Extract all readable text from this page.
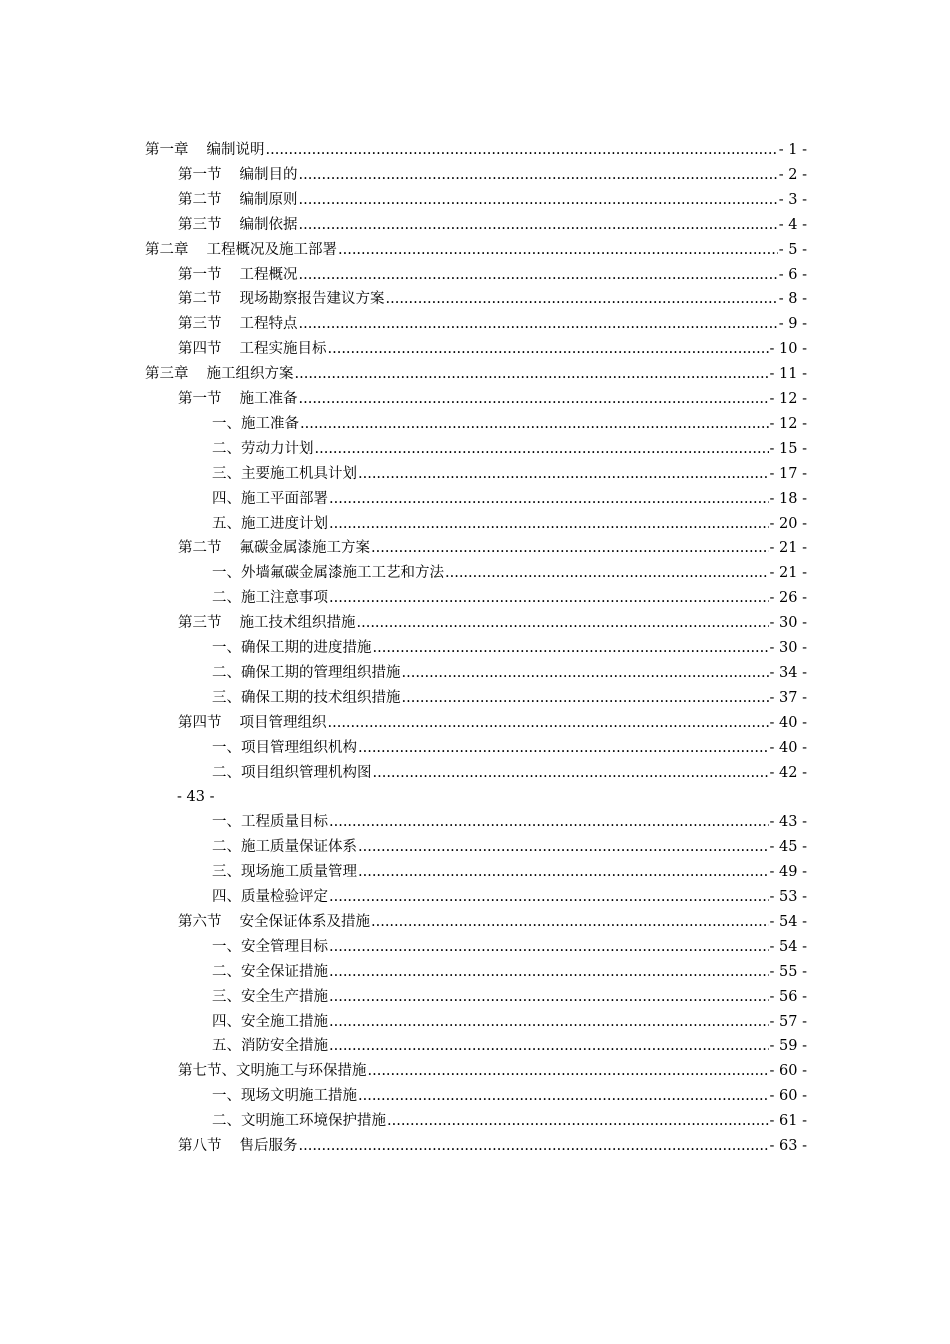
第一章 编制说明 .....	- 1 -
第一节 编制目的 .....	- 2 -
第二节 编制原则 .....	- 3 -
第三节 编制依据 .....	- 4 -
第二章 工程概况及施工部署 .....	- 5 -
第一节 工程概况 .....	- 6 -
第二节 现场勘察报告建议方案 .....	- 8 -
第三节 工程特点 .....	- 9 -
第四节 工程实施目标 .....	- 10 -
第三章 施工组织方案 .....	- 11 -
第一节 施工准备 .....	- 12 -
一、施工准备 .....	- 12 -
二、劳动力计划 .....	- 15 -
三、主要施工机具计划 .....	- 17 -
四、施工平面部署 .....	- 18 -
五、施工进度计划 .....	- 20 -
第二节 氟碳金属漆施工方案 .....	- 21 -
一、外墙氟碳金属漆施工工艺和方法 .....	- 21 -
二、施工注意事项 .....	- 26 -
第三节 施工技术组织措施 .....	- 30 -
一、确保工期的进度措施 .....	- 30 -
二、确保工期的管理组织措施 .....	- 34 -
三、确保工期的技术组织措施 .....	- 37 -
第四节 项目管理组织 .....	- 40 -
一、项目管理组织机构 .....	- 40 -
二、项目组织管理机构图 .....	- 42 -
- 43 -
一、工程质量目标 .....	- 43 -
二、施工质量保证体系 .....	- 45 -
三、现场施工质量管理 .....	- 49 -
四、质量检验评定 .....	- 53 -
第六节 安全保证体系及措施 .....	- 54 -
一、安全管理目标 .....	- 54 -
二、安全保证措施 .....	- 55 -
三、安全生产措施 .....	- 56 -
四、安全施工措施 .....	- 57 -
五、消防安全措施 .....	- 59 -
第七节、文明施工与环保措施 .....	- 60 -
一、现场文明施工措施 .....	- 60 -
二、文明施工环境保护措施 .....	- 61 -
第八节 售后服务 .....	- 63 -
